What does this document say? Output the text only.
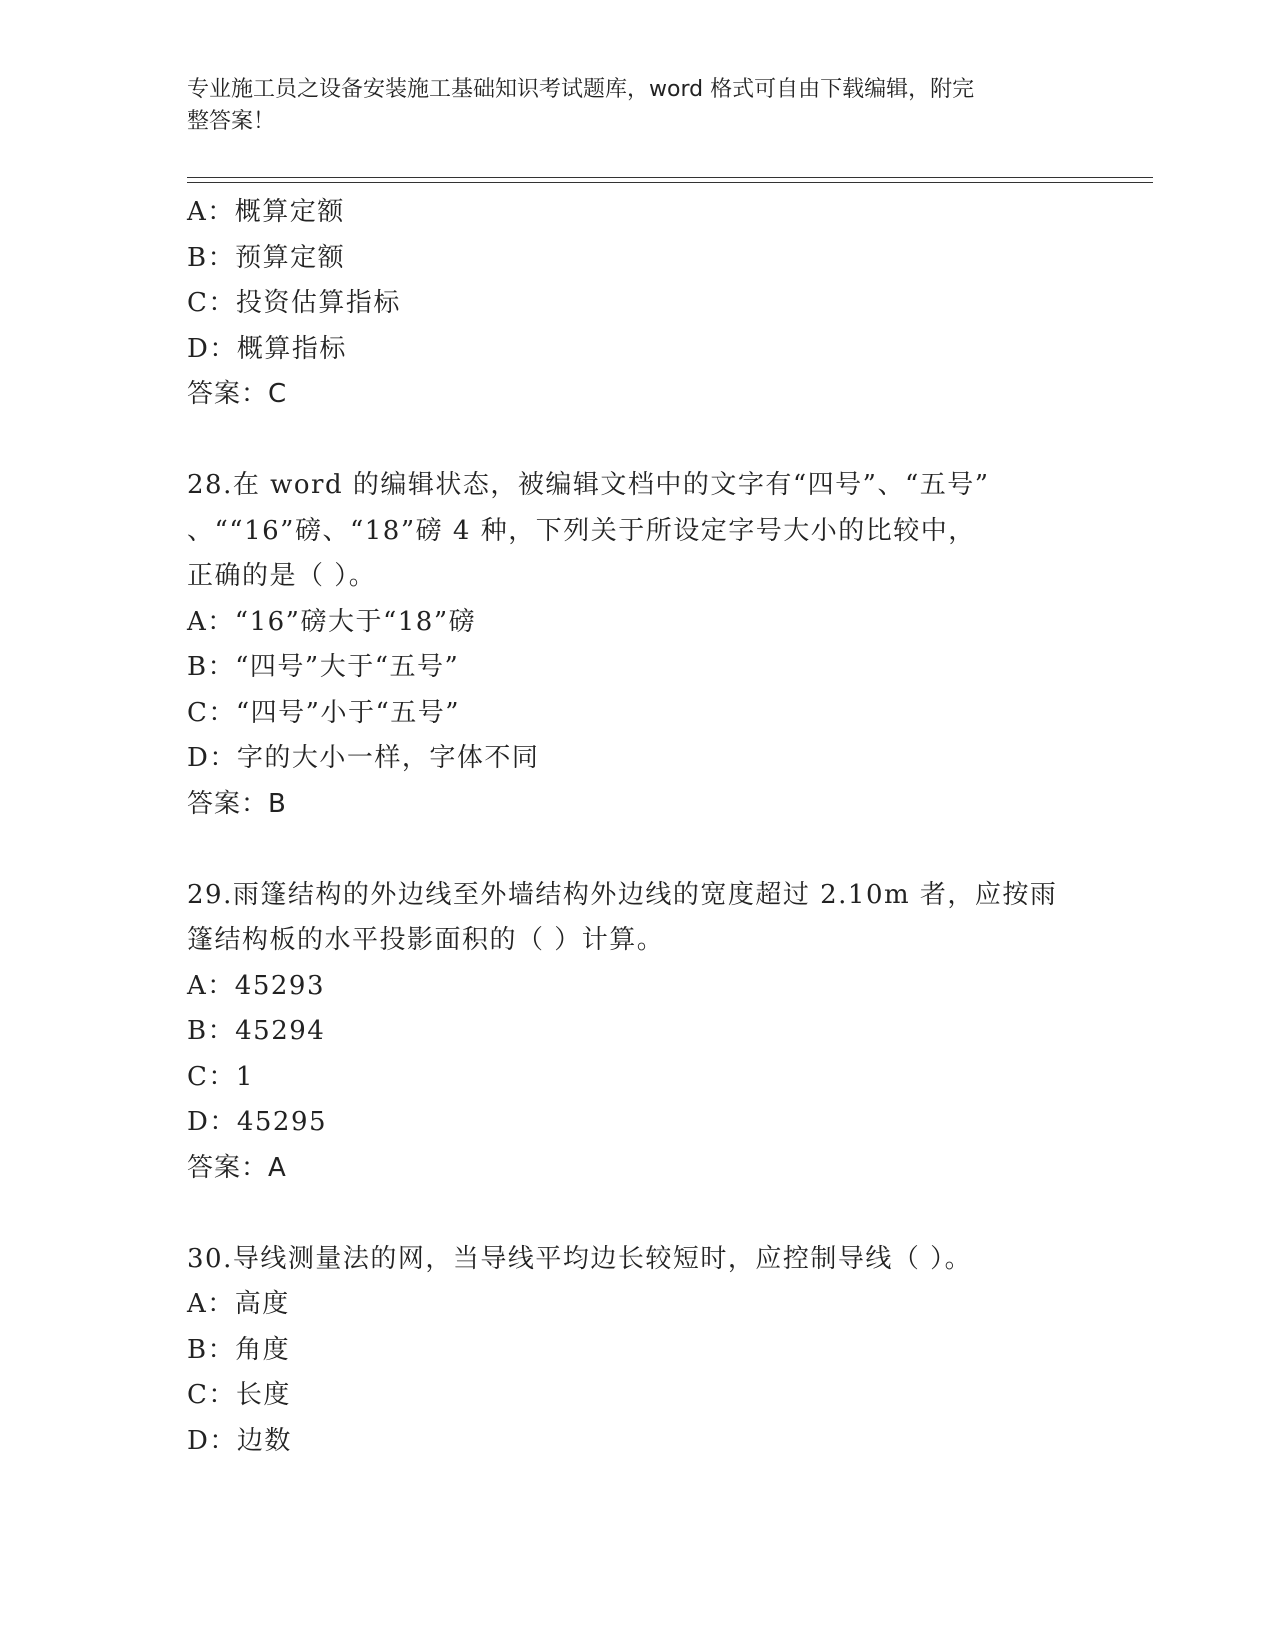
专业施工员之设备安装施工基础知识考试题库，word 格式可自由下载编辑，附完
整答案！
A：概算定额
B：预算定额
C：投资估算指标
D：概算指标
答案：C
28.在 word 的编辑状态，被编辑文档中的文字有“四号”、“五号”
、““16”磅、“18”磅 4 种，下列关于所设定字号大小的比较中，
正确的是（ ）。
A：“16”磅大于“18”磅
B：“四号”大于“五号”
C：“四号”小于“五号”
D：字的大小一样，字体不同
答案：B
29.雨篷结构的外边线至外墙结构外边线的宽度超过 2.10m 者，应按雨
篷结构板的水平投影面积的（ ）计算。
A：45293
B：45294
C：1
D：45295
答案：A
30.导线测量法的网，当导线平均边长较短时，应控制导线（ ）。
A：高度
B：角度
C：长度
D：边数
